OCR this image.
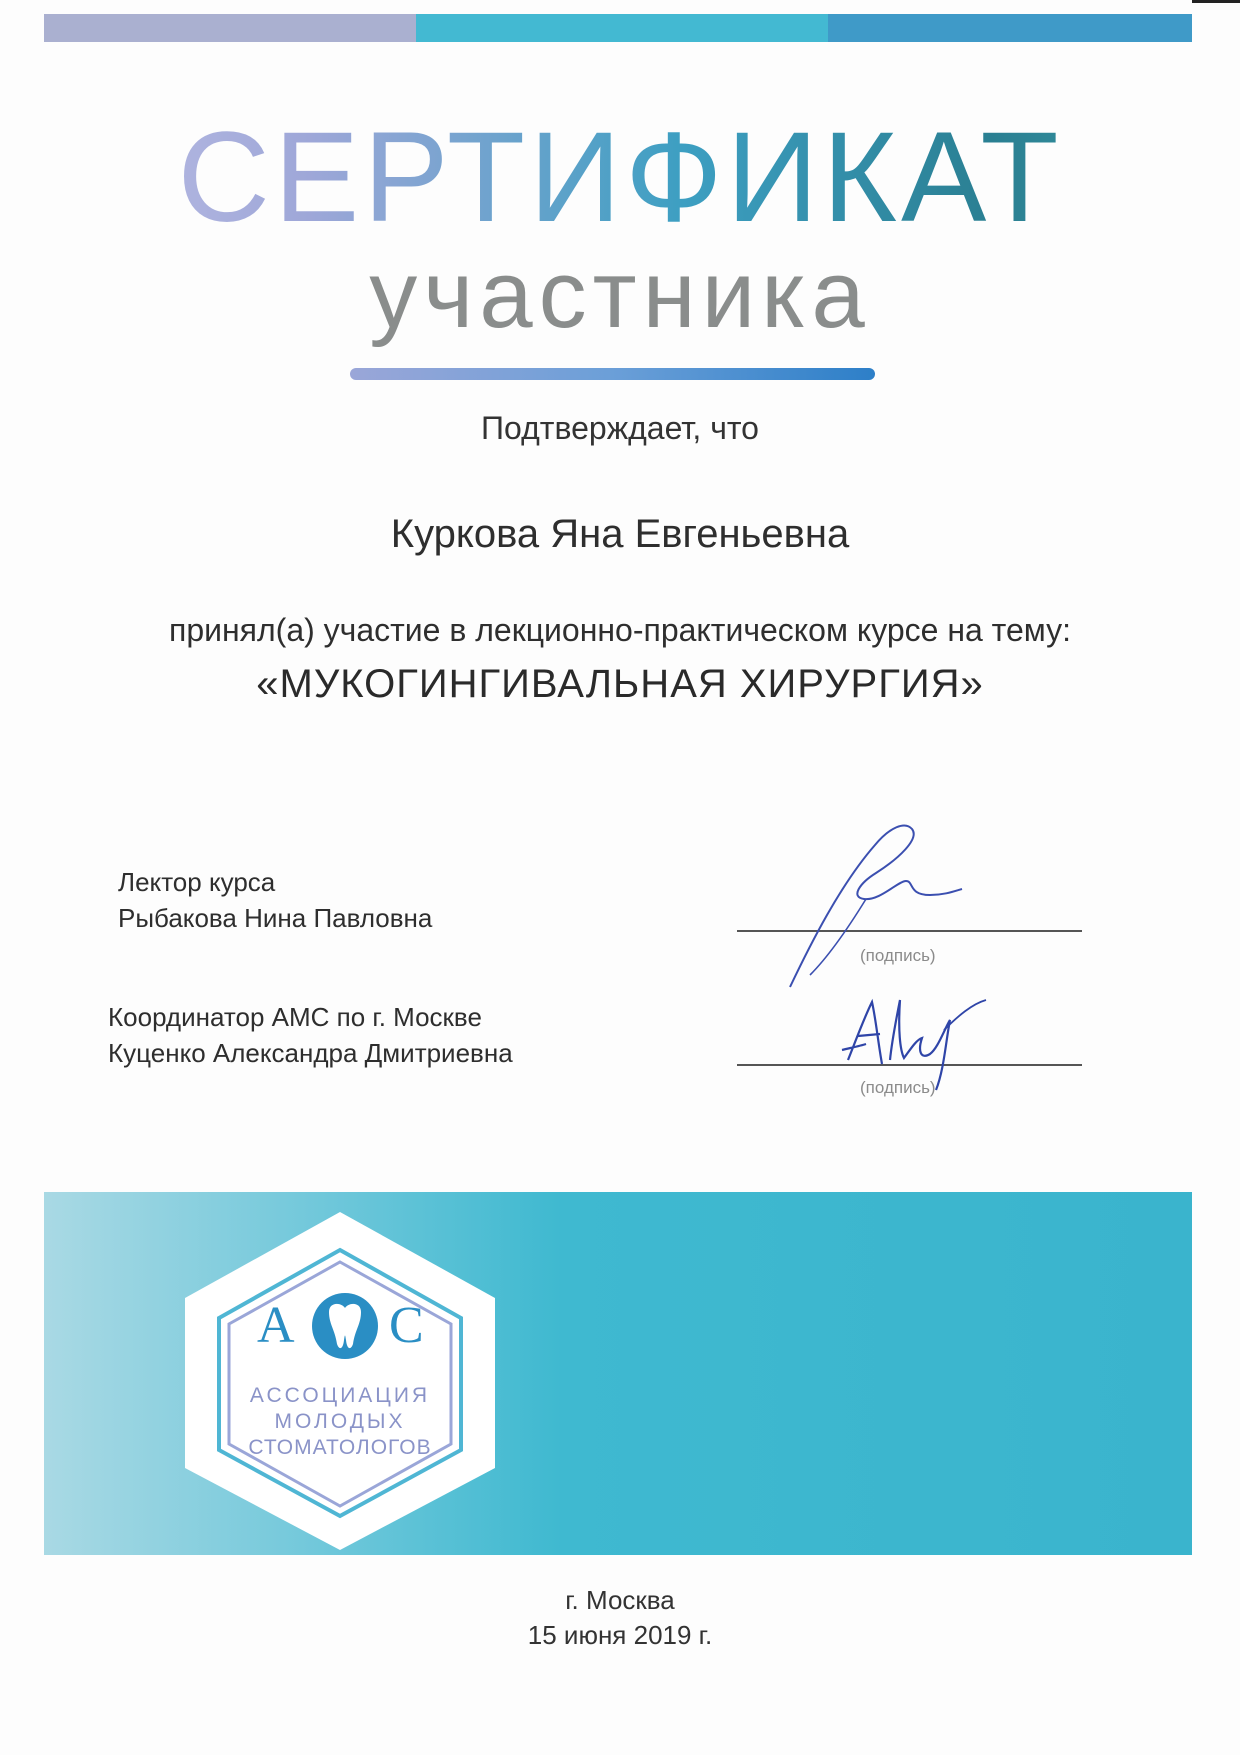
СЕРТИФИКАТ
участника
Подтверждает, что
Куркова Яна Евгеньевна
принял(а) участие в лекционно-практическом курсе на тему:
«МУКОГИНГИВАЛЬНАЯ ХИРУРГИЯ»
Лектор курса
Рыбакова Нина Павловна
(подпись)
Координатор АМС по г. Москве
Куценко Александра Дмитриевна
(подпись)
А С
АССОЦИАЦИЯ
МОЛОДЫХ
СТОМАТОЛОГОВ
г. Москва
15 июня 2019 г.
